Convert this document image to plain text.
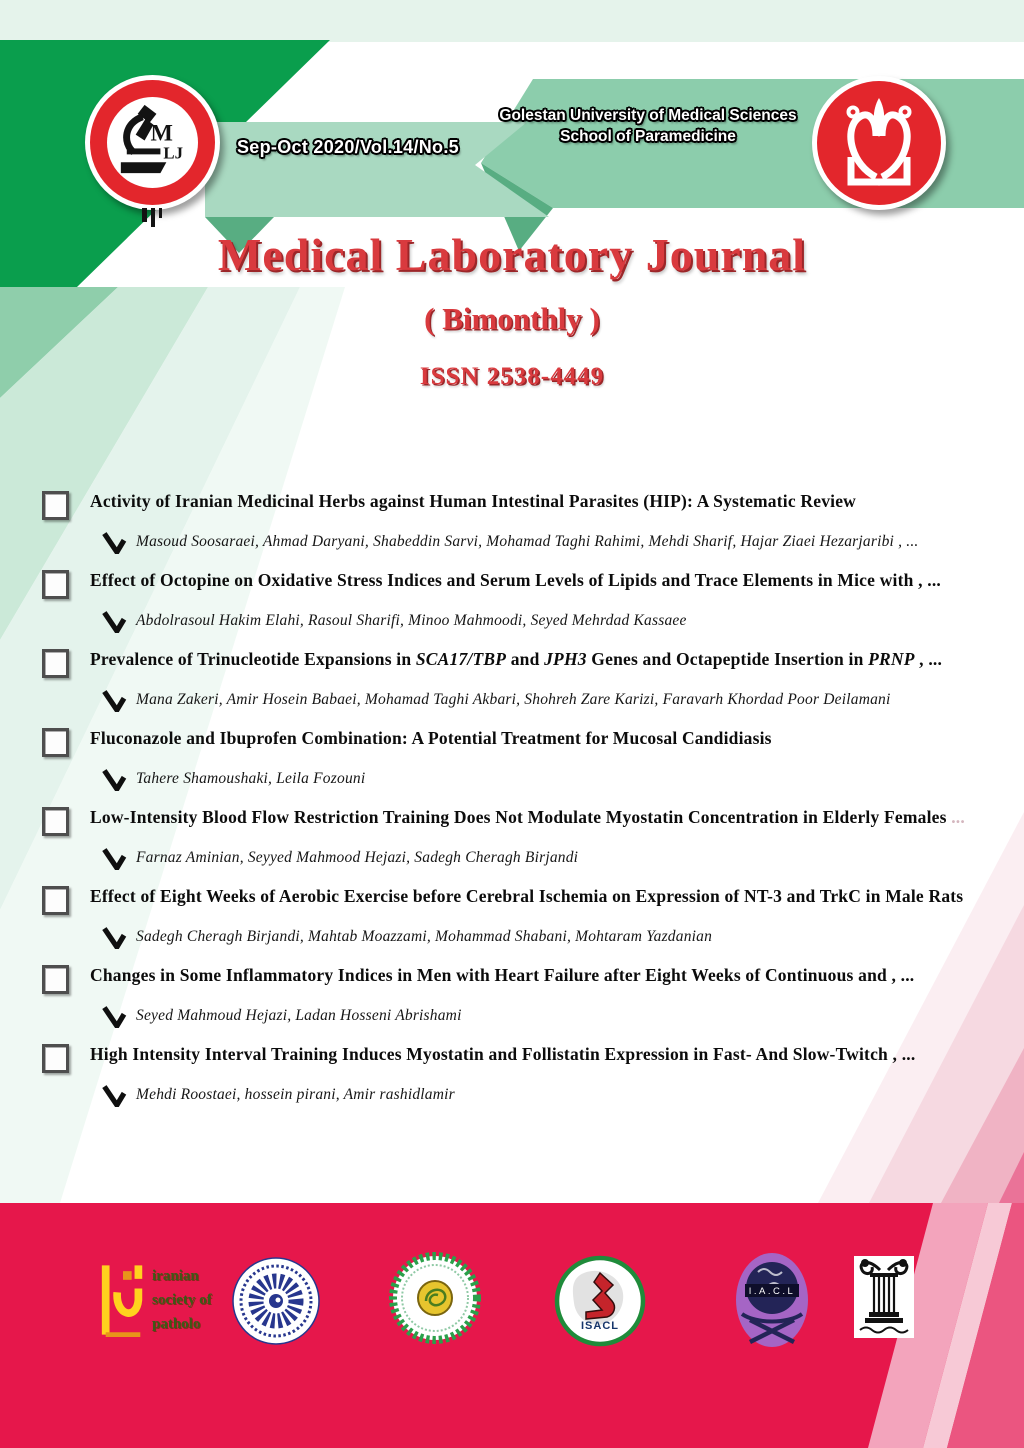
M
LJ	Sep-Oct 2020/Vol.14/No.5
Golestan University of Medical Sciences
School of Paramedicine
Medical Laboratory Journal
( Bimonthly )
ISSN 2538-4449
Activity of Iranian Medicinal Herbs against Human Intestinal Parasites (HIP): A Systematic Review
Masoud Soosaraei, Ahmad Daryani, Shabeddin Sarvi, Mohamad Taghi Rahimi, Mehdi Sharif, Hajar Ziaei Hezarjaribi , ...
Effect of Octopine on Oxidative Stress Indices and Serum Levels of Lipids and Trace Elements in Mice with , ...
Abdolrasoul Hakim Elahi, Rasoul Sharifi, Minoo Mahmoodi, Seyed Mehrdad Kassaee
Prevalence of Trinucleotide Expansions in SCA17/TBP and JPH3 Genes and Octapeptide Insertion in PRNP , ...
Mana Zakeri, Amir Hosein Babaei, Mohamad Taghi Akbari, Shohreh Zare Karizi, Faravarh Khordad Poor Deilamani
Fluconazole and Ibuprofen Combination: A Potential Treatment for Mucosal Candidiasis
Tahere Shamoushaki, Leila Fozouni
Low-Intensity Blood Flow Restriction Training Does Not Modulate Myostatin Concentration in Elderly Females ...
Farnaz Aminian, Seyyed Mahmood Hejazi, Sadegh Cheragh Birjandi
Effect of Eight Weeks of Aerobic Exercise before Cerebral Ischemia on Expression of NT-3 and TrkC in Male Rats
Sadegh Cheragh Birjandi, Mahtab Moazzami, Mohammad Shabani, Mohtaram Yazdanian
Changes in Some Inflammatory Indices in Men with Heart Failure after Eight Weeks of Continuous and , ...
Seyed Mahmoud Hejazi, Ladan Hosseni Abrishami
High Intensity Interval Training Induces Myostatin and Follistatin Expression in Fast- And Slow-Twitch , ...
Mehdi Roostaei, hossein pirani, Amir rashidlamir
iranian
society of
patholo	ISACL
I.A.C.L
